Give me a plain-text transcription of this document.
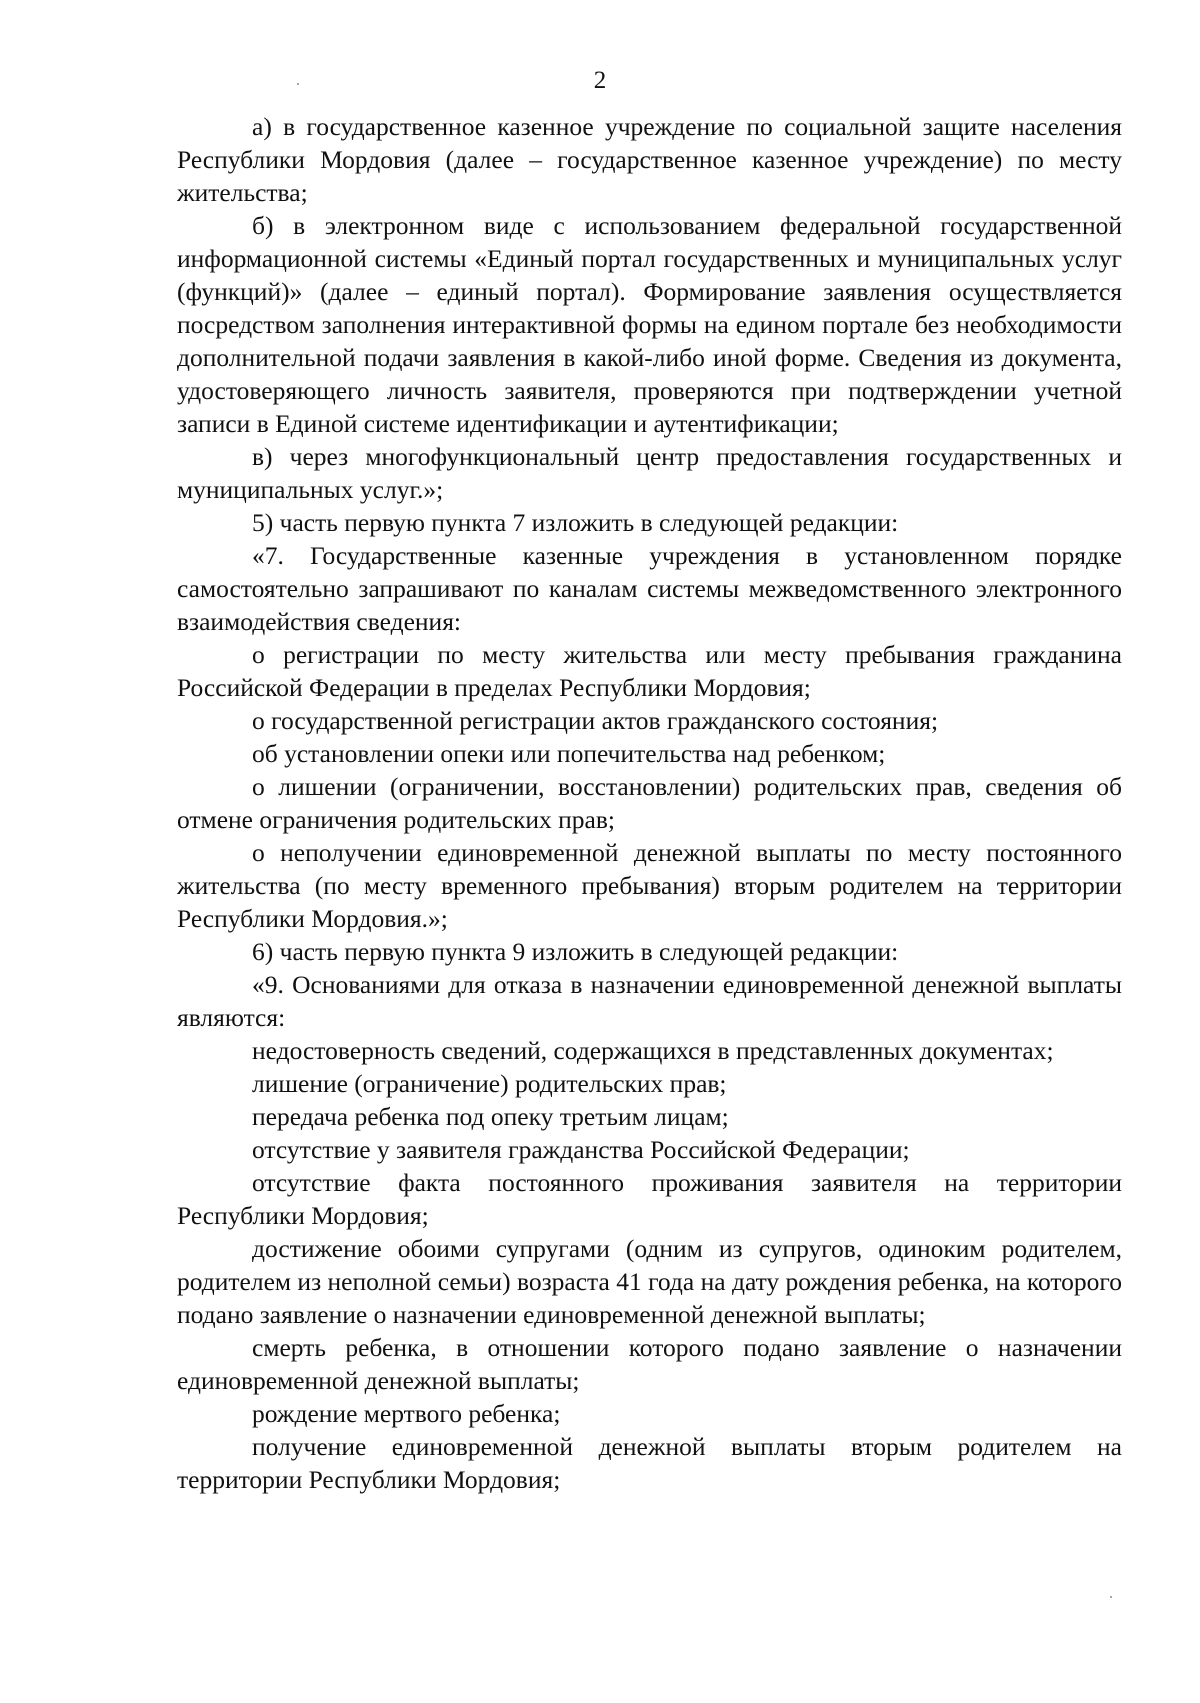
2

а) в государственное казенное учреждение по социальной защите населения Республики Мордовия (далее – государственное казенное учреждение) по месту жительства;

б) в электронном виде с использованием федеральной государственной информационной системы «Единый портал государственных и муниципальных услуг (функций)» (далее – единый портал). Формирование заявления осуществляется посредством заполнения интерактивной формы на едином портале без необходимости дополнительной подачи заявления в какой-либо иной форме. Сведения из документа, удостоверяющего личность заявителя, проверяются при подтверждении учетной записи в Единой системе идентификации и аутентификации;

в) через многофункциональный центр предоставления государственных и муниципальных услуг.»;

5) часть первую пункта 7 изложить в следующей редакции:

«7. Государственные казенные учреждения в установленном порядке самостоятельно запрашивают по каналам системы межведомственного электронного взаимодействия сведения:

о регистрации по месту жительства или месту пребывания гражданина Российской Федерации в пределах Республики Мордовия;

о государственной регистрации актов гражданского состояния;

об установлении опеки или попечительства над ребенком;

о лишении (ограничении, восстановлении) родительских прав, сведения об отмене ограничения родительских прав;

о неполучении единовременной денежной выплаты по месту постоянного жительства (по месту временного пребывания) вторым родителем на территории Республики Мордовия.»;

6) часть первую пункта 9 изложить в следующей редакции:

«9. Основаниями для отказа в назначении единовременной денежной выплаты являются:

недостоверность сведений, содержащихся в представленных документах;

лишение (ограничение) родительских прав;

передача ребенка под опеку третьим лицам;

отсутствие у заявителя гражданства Российской Федерации;

отсутствие факта постоянного проживания заявителя на территории Республики Мордовия;

достижение обоими супругами (одним из супругов, одиноким родителем, родителем из неполной семьи) возраста 41 года на дату рождения ребенка, на которого подано заявление о назначении единовременной денежной выплаты;

смерть ребенка, в отношении которого подано заявление о назначении единовременной денежной выплаты;

рождение мертвого ребенка;

получение единовременной денежной выплаты вторым родителем на территории Республики Мордовия;
